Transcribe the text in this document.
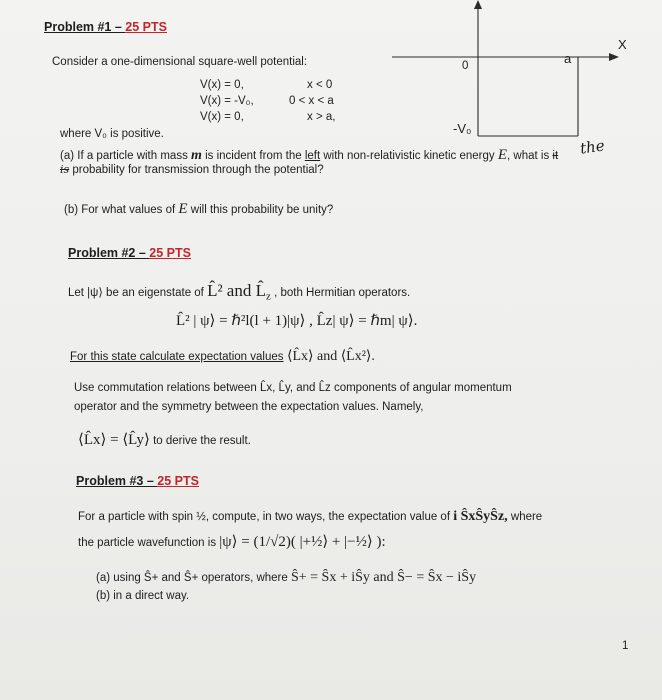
Problem #1 – 25 PTS
Consider a one-dimensional square-well potential:
V(x) = 0,	x < 0
V(x) = -V₀,	0 < x < a
V(x) = 0,	x > a,
where V₀ is positive.
X
0	a
-V₀
(a) If a particle with mass m is incident from the left with non-relativistic kinetic energy E, what is it the
is probability for transmission through the potential?
(b) For what values of E will this probability be unity?
Problem #2 – 25 PTS
Let |ψ⟩ be an eigenstate of L̂² and $L̂_z$ , both Hermitian operators.
L̂² | ψ⟩ = ℏ²l(l + 1)|ψ⟩ , L̂z| ψ⟩ = ℏm| ψ⟩.
For this state calculate expectation values ⟨L̂x⟩ and ⟨L̂x²⟩.
Use commutation relations between L̂x, L̂y, and L̂z components of angular momentum
operator and the symmetry between the expectation values. Namely,
⟨L̂x⟩ = ⟨L̂y⟩ to derive the result.
Problem #3 – 25 PTS
For a particle with spin ½, compute, in two ways, the expectation value of i ŜxŜyŜz, where
the particle wavefunction is |ψ⟩ = (1/√2)( |+½⟩ + |−½⟩ ):
(a) using Ŝ+ and Ŝ+ operators, where Ŝ+ = Ŝx + iŜy and Ŝ− = Ŝx − iŜy
(b) in a direct way.
1
